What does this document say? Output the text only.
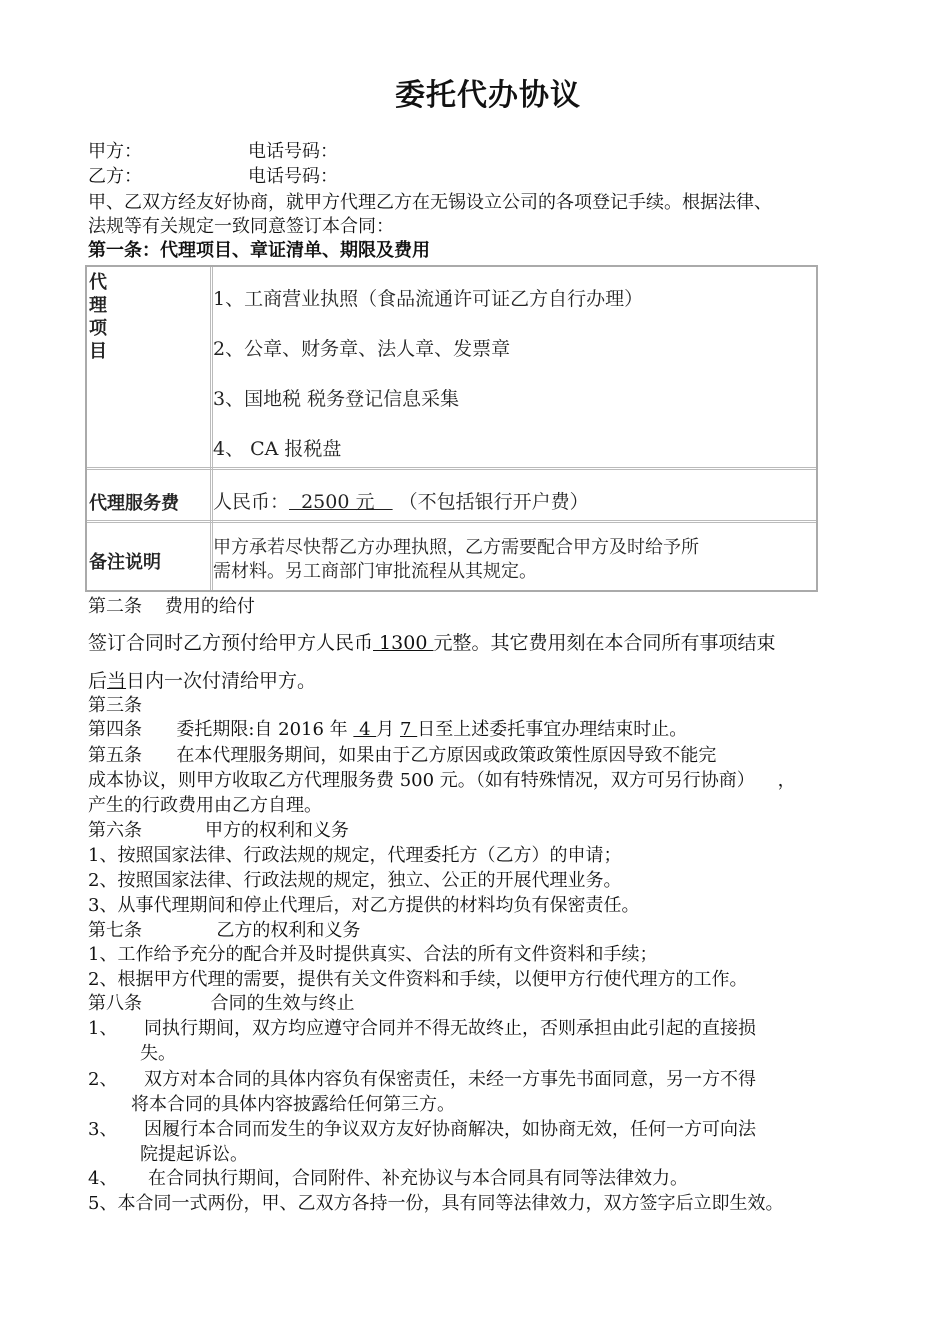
委托代办协议
甲方：	电话号码：
乙方：	电话号码：
甲、乙双方经友好协商，就甲方代理乙方在无锡设立公司的各项登记手续。根据法律、
法规等有关规定一致同意签订本合同：
第一条：代理项目、章证清单、期限及费用
代理项目
1、工商营业执照（食品流通许可证乙方自行办理）
2、公章、财务章、法人章、发票章
3、国地税 税务登记信息采集
4、 CA 报税盘
代理服务费 人民币：  2500 元    （不包括银行开户费）
备注说明
甲方承若尽快帮乙方办理执照，乙方需要配合甲方及时给予所
需材料。另工商部门审批流程从其规定。
第二条    费用的给付
签订合同时乙方预付给甲方人民币 1300 元整。其它费用刻在本合同所有事项结束
后当日内一次付清给甲方。
第三条
第四条      委托期限:自 2016 年  4 月 7 日至上述委托事宜办理结束时止。
第五条      在本代理服务期间，如果由于乙方原因或政策政策性原因导致不能完
成本协议，则甲方收取乙方代理服务费 500 元。（如有特殊情况，双方可另行协商）    ，
产生的行政费用由乙方自理。
第六条           甲方的权利和义务
1、按照国家法律、行政法规的规定，代理委托方（乙方）的申请；
2、按照国家法律、行政法规的规定，独立、公正的开展代理业务。
3、从事代理期间和停止代理后，对乙方提供的材料均负有保密责任。
第七条             乙方的权利和义务
1、工作给予充分的配合并及时提供真实、合法的所有文件资料和手续；
2、根据甲方代理的需要，提供有关文件资料和手续，以便甲方行使代理方的工作。
第八条            合同的生效与终止
1、 同执行期间，双方均应遵守合同并不得无故终止，否则承担由此引起的直接损
失。
2、 双方对本合同的具体内容负有保密责任，未经一方事先书面同意，另一方不得
将本合同的具体内容披露给任何第三方。
3、 因履行本合同而发生的争议双方友好协商解决，如协商无效，任何一方可向法
院提起诉讼。
4、 在合同执行期间，合同附件、补充协议与本合同具有同等法律效力。
5、本合同一式两份，甲、乙双方各持一份，具有同等法律效力，双方签字后立即生效。
